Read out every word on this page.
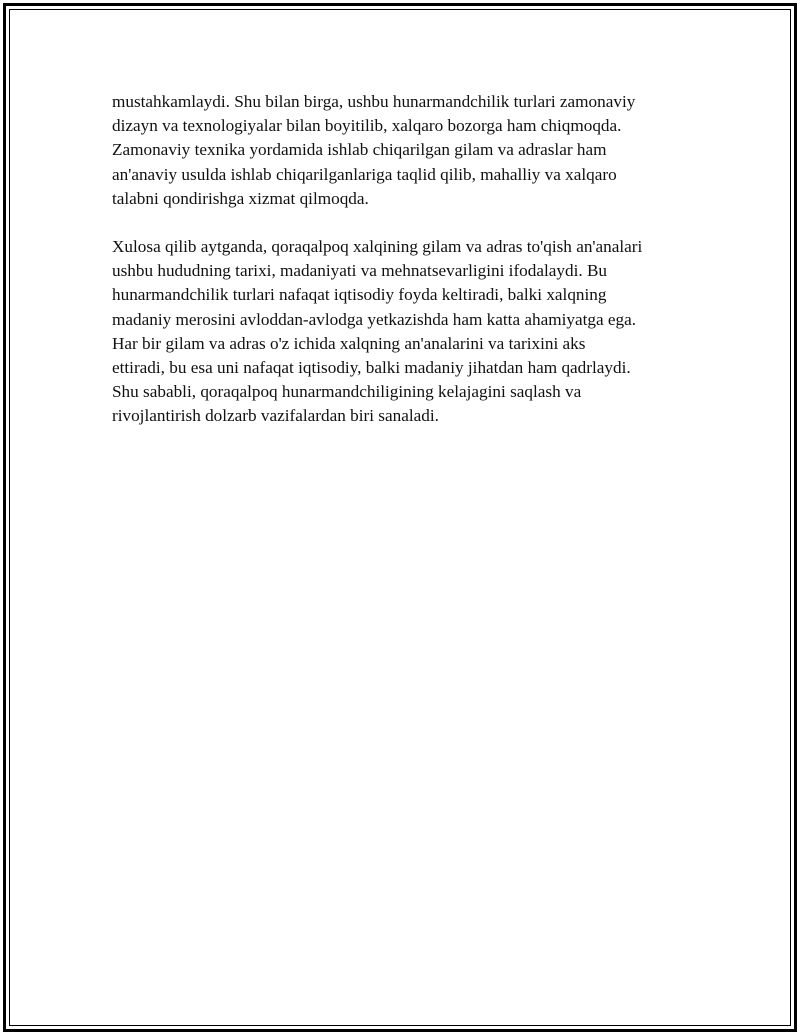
mustahkamlaydi. Shu bilan birga, ushbu hunarmandchilik turlari zamonaviy
dizayn va texnologiyalar bilan boyitilib, xalqaro bozorga ham chiqmoqda.
Zamonaviy texnika yordamida ishlab chiqarilgan gilam va adraslar ham
an'anaviy usulda ishlab chiqarilganlariga taqlid qilib, mahalliy va xalqaro
talabni qondirishga xizmat qilmoqda.

Xulosa qilib aytganda, qoraqalpoq xalqining gilam va adras to'qish an'analari
ushbu hududning tarixi, madaniyati va mehnatsevarligini ifodalaydi. Bu
hunarmandchilik turlari nafaqat iqtisodiy foyda keltiradi, balki xalqning
madaniy merosini avloddan-avlodga yetkazishda ham katta ahamiyatga ega.
Har bir gilam va adras o'z ichida xalqning an'analarini va tarixini aks
ettiradi, bu esa uni nafaqat iqtisodiy, balki madaniy jihatdan ham qadrlaydi.
Shu sababli, qoraqalpoq hunarmandchiligining kelajagini saqlash va
rivojlantirish dolzarb vazifalardan biri sanaladi.
